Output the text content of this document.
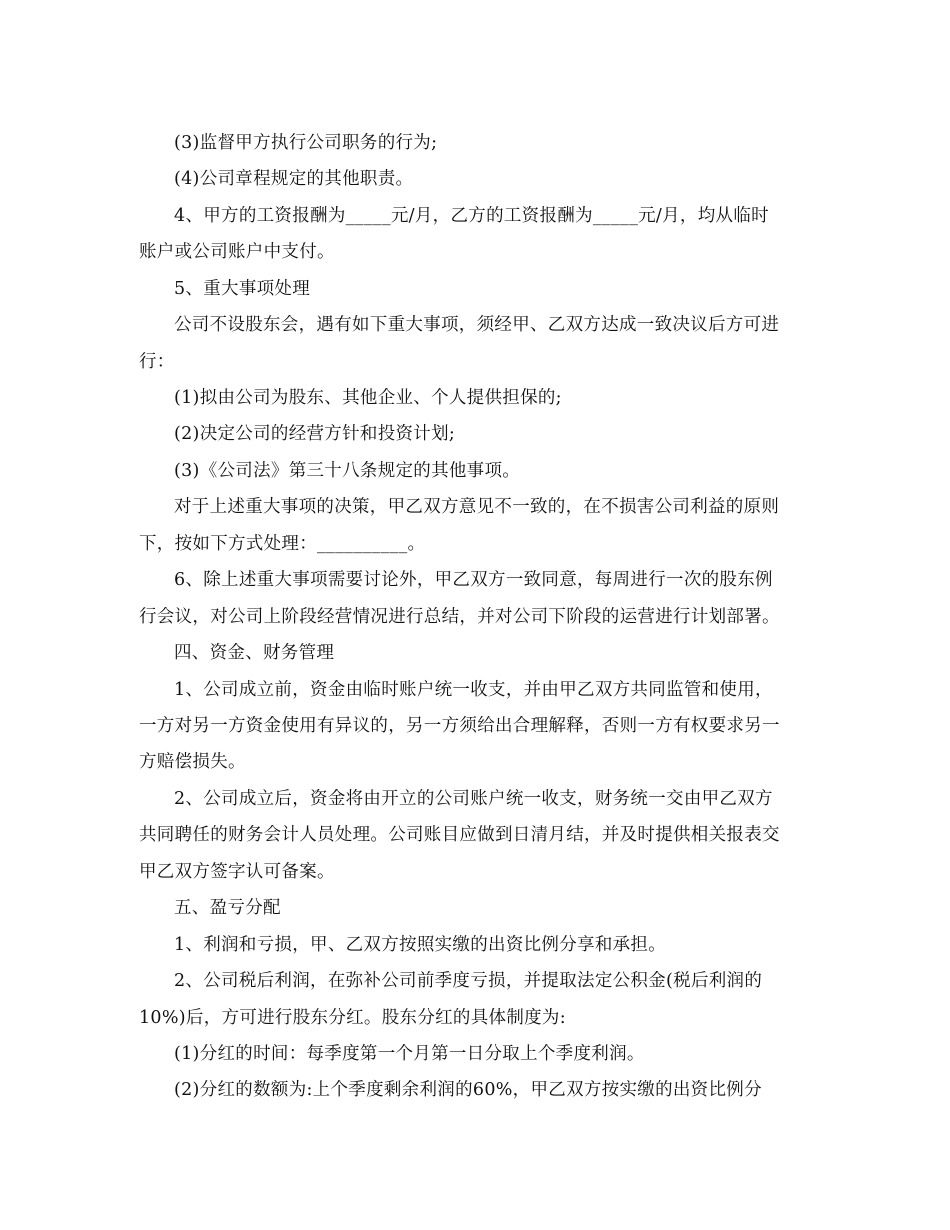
(3)监督甲方执行公司职务的行为;
(4)公司章程规定的其他职责。
4、甲方的工资报酬为_____元/月，乙方的工资报酬为_____元/月，均从临时
账户或公司账户中支付。
5、重大事项处理
公司不设股东会，遇有如下重大事项，须经甲、乙双方达成一致决议后方可进
行：
(1)拟由公司为股东、其他企业、个人提供担保的;
(2)决定公司的经营方针和投资计划;
(3)《公司法》第三十八条规定的其他事项。
对于上述重大事项的决策，甲乙双方意见不一致的，在不损害公司利益的原则
下，按如下方式处理：__________。
6、除上述重大事项需要讨论外，甲乙双方一致同意，每周进行一次的股东例
行会议，对公司上阶段经营情况进行总结，并对公司下阶段的运营进行计划部署。
四、资金、财务管理
1、公司成立前，资金由临时账户统一收支，并由甲乙双方共同监管和使用，
一方对另一方资金使用有异议的，另一方须给出合理解释，否则一方有权要求另一
方赔偿损失。
2、公司成立后，资金将由开立的公司账户统一收支，财务统一交由甲乙双方
共同聘任的财务会计人员处理。公司账目应做到日清月结，并及时提供相关报表交
甲乙双方签字认可备案。
五、盈亏分配
1、利润和亏损，甲、乙双方按照实缴的出资比例分享和承担。
2、公司税后利润，在弥补公司前季度亏损，并提取法定公积金(税后利润的
10%)后，方可进行股东分红。股东分红的具体制度为:
(1)分红的时间：每季度第一个月第一日分取上个季度利润。
(2)分红的数额为:上个季度剩余利润的60%，甲乙双方按实缴的出资比例分
